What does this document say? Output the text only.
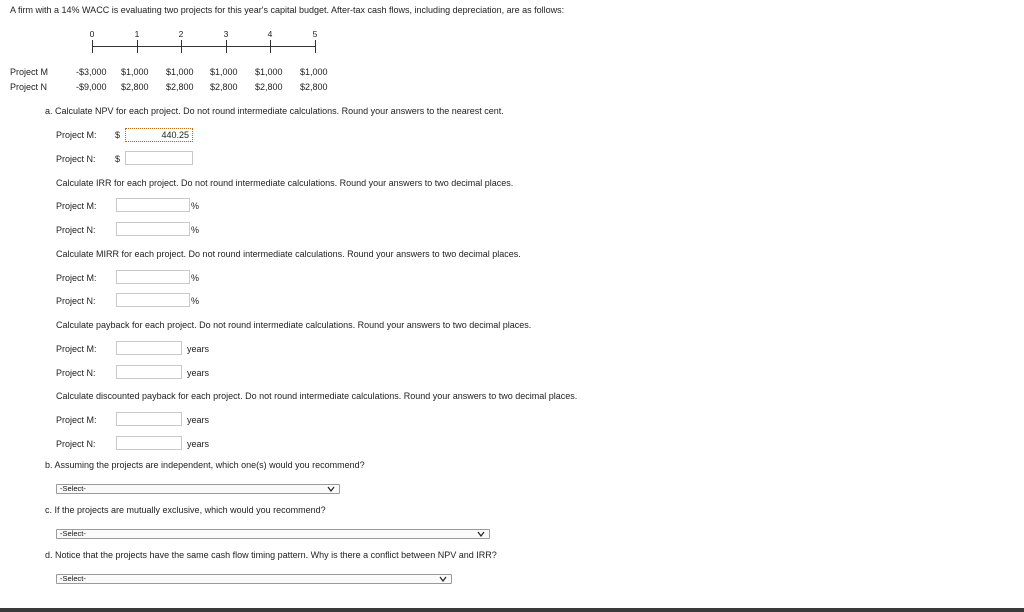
A firm with a 14% WACC is evaluating two projects for this year's capital budget. After-tax cash flows, including depreciation, are as follows:
0	1	2	3	4	5
Project M	-$3,000 $1,000 $1,000 $1,000 $1,000 $1,000
Project N	-$9,000 $2,800 $2,800 $2,800 $2,800 $2,800
a. Calculate NPV for each project. Do not round intermediate calculations. Round your answers to the nearest cent.
Project M: $
440.25
Project N: $
Calculate IRR for each project. Do not round intermediate calculations. Round your answers to two decimal places.
Project M:	%
Project N:	%
Calculate MIRR for each project. Do not round intermediate calculations. Round your answers to two decimal places.
Project M:	%
Project N:	%
Calculate payback for each project. Do not round intermediate calculations. Round your answers to two decimal places.
Project M:	years
Project N:	years
Calculate discounted payback for each project. Do not round intermediate calculations. Round your answers to two decimal places.
Project M:	years
Project N:	years
b. Assuming the projects are independent, which one(s) would you recommend?
-Select-
c. If the projects are mutually exclusive, which would you recommend?
-Select-
d. Notice that the projects have the same cash flow timing pattern. Why is there a conflict between NPV and IRR?
-Select-
